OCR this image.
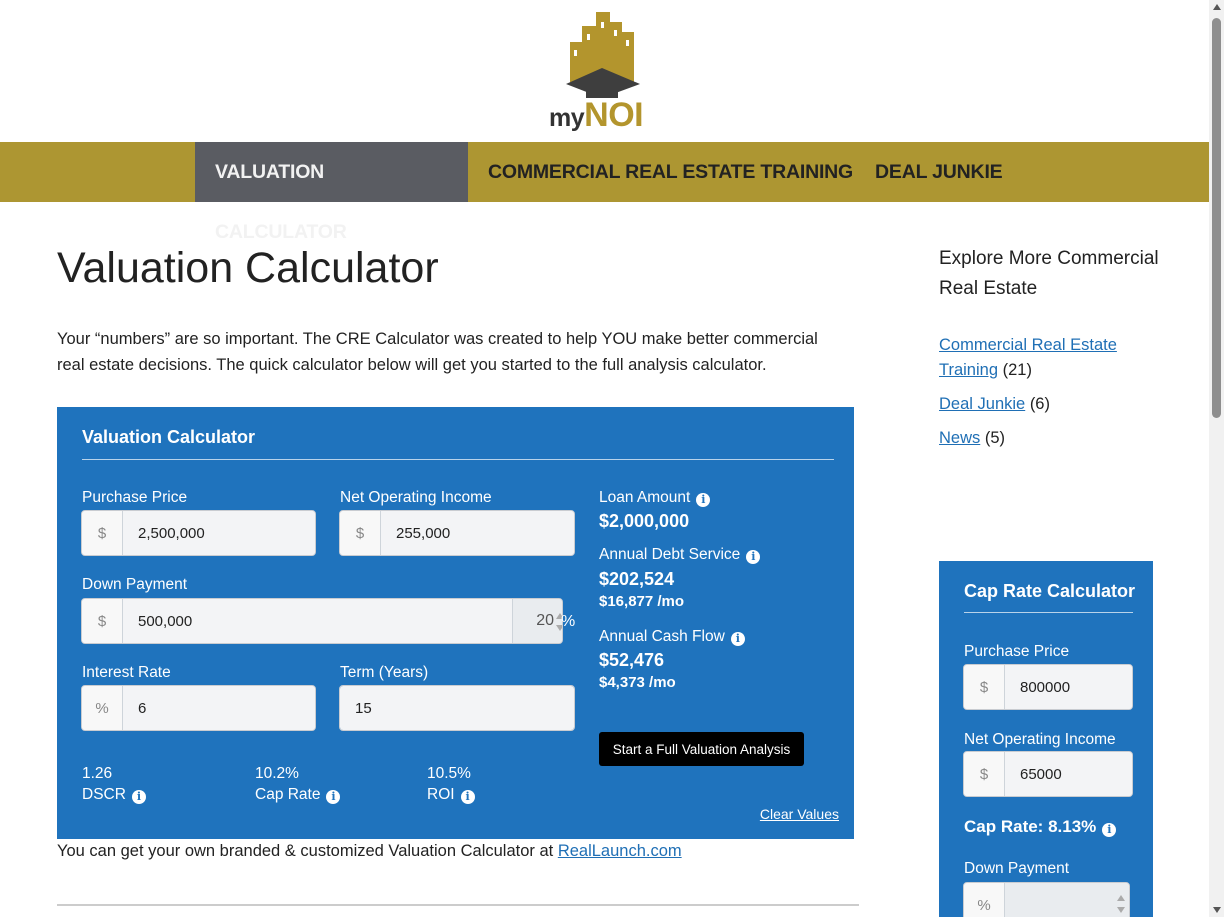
myNOI
VALUATION CALCULATOR
COMMERCIAL REAL ESTATE TRAINING	DEAL JUNKIE
Valuation Calculator

Your “numbers” are so important. The CRE Calculator was created to help YOU make better commercial real estate decisions. The quick calculator below will get you started to the full analysis calculator.

Valuation Calculator
Purchase Price
$	2,500,000
Net Operating Income
$	255,000
Down Payment
$	500,000	20 %
Interest Rate
%	6
Term (Years)
15
Loan Amount i
$2,000,000
Annual Debt Service i
$202,524
$16,877 /mo
Annual Cash Flow i
$52,476
$4,373 /mo
Start a Full Valuation Analysis
1.26
DSCR i
10.2%
Cap Rate i
10.5%
ROI i
Clear Values
You can get your own branded & customized Valuation Calculator at RealLaunch.com
Explore More Commercial Real Estate
Commercial Real Estate Training (21)
Deal Junkie (6)
News (5)
Cap Rate Calculator
Purchase Price
$	800000
Net Operating Income
$	65000
Cap Rate: 8.13% i
Down Payment
%
